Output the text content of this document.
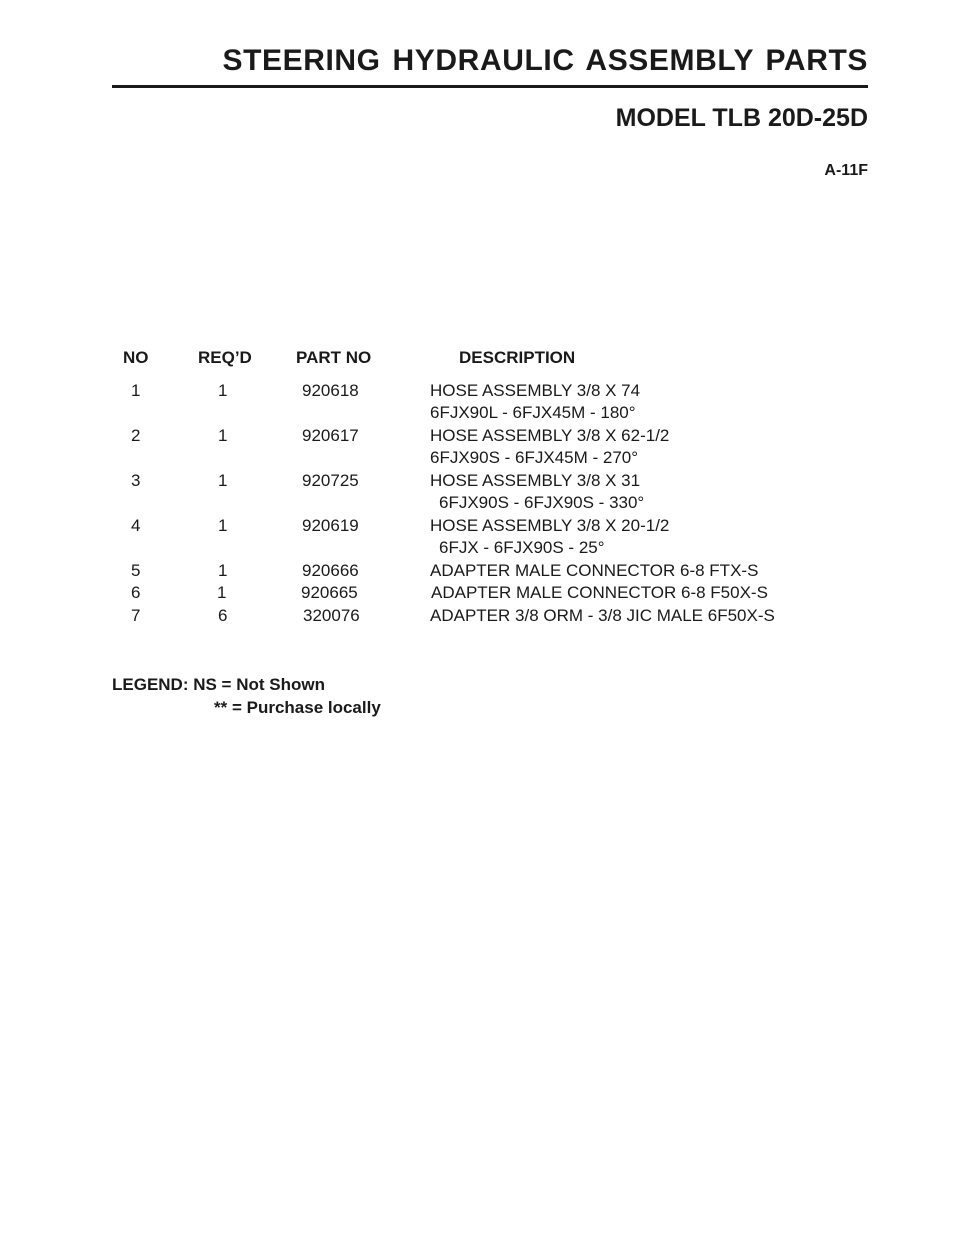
STEERING HYDRAULIC ASSEMBLY PARTS
MODEL TLB 20D-25D
A-11F
NO	REQ’D	PART NO	DESCRIPTION
1	1	920618	HOSE ASSEMBLY 3/8 X 74
6FJX90L - 6FJX45M - 180°
2	1	920617	HOSE ASSEMBLY 3/8 X 62-1/2
6FJX90S - 6FJX45M - 270°
3	1	920725	HOSE ASSEMBLY 3/8 X 31
6FJX90S - 6FJX90S - 330°
4	1	920619	HOSE ASSEMBLY 3/8 X 20-1/2
6FJX - 6FJX90S - 25°
5	1	920666	ADAPTER MALE CONNECTOR 6-8 FTX-S
6	1	920665	ADAPTER MALE CONNECTOR 6-8 F50X-S
7	6	320076	ADAPTER 3/8 ORM - 3/8 JIC MALE 6F50X-S
LEGEND: NS = Not Shown
** = Purchase locally
